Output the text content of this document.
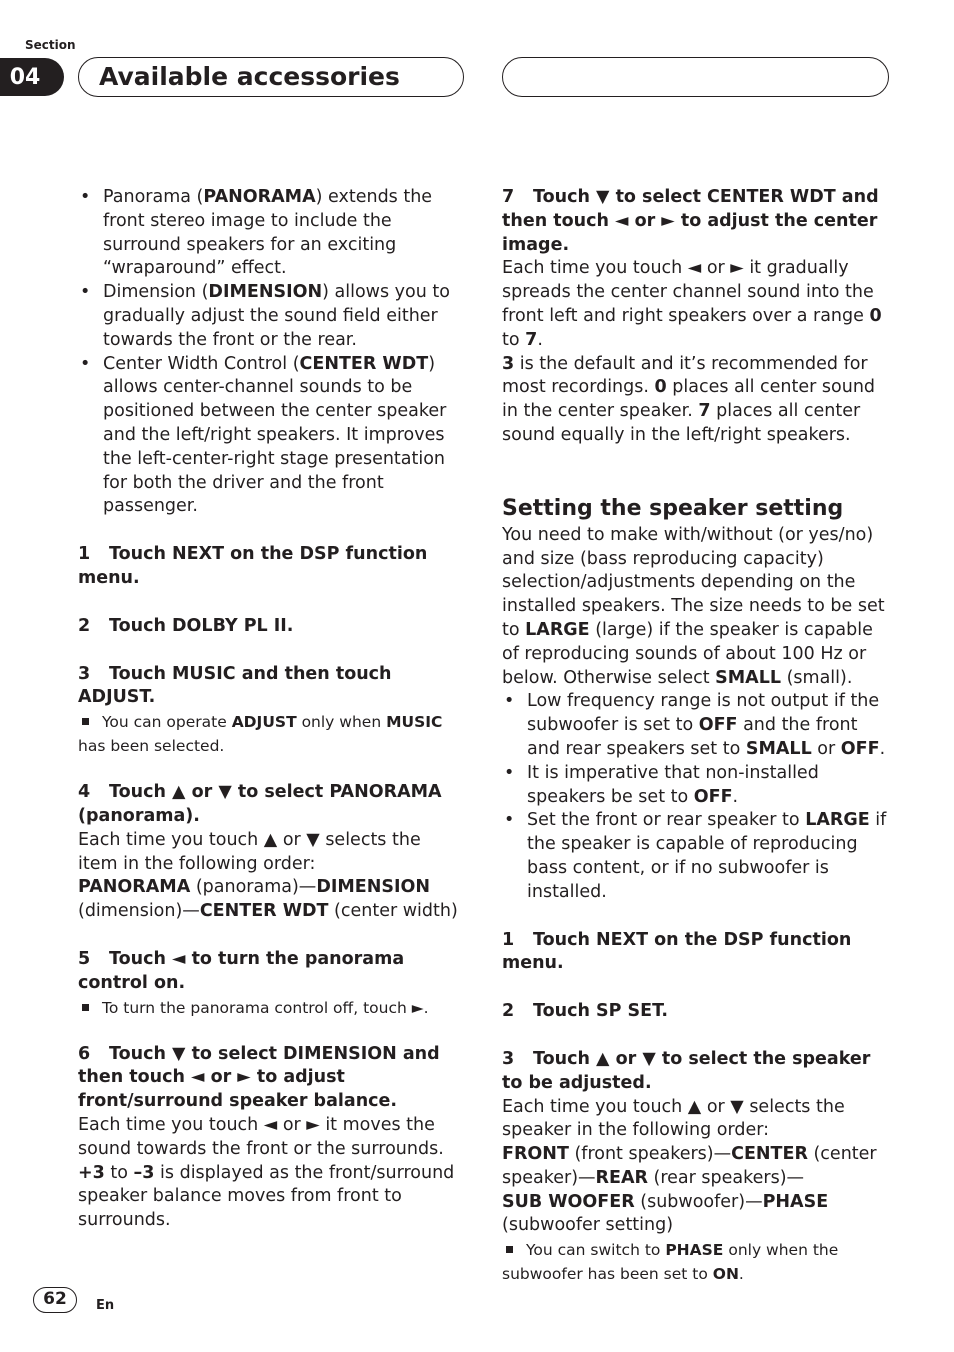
Section
04	Available accessories
• Panorama (PANORAMA) extends the front stereo image to include the surround speakers for an exciting “wraparound” effect.
• Dimension (DIMENSION) allows you to gradually adjust the sound field either towards the front or the rear.
• Center Width Control (CENTER WDT) allows center-channel sounds to be positioned between the center speaker and the left/right speakers. It improves the left-center-right stage presentation for both the driver and the front passenger.

1 Touch NEXT on the DSP function menu.

2 Touch DOLBY PL II.

3 Touch MUSIC and then touch ADJUST.

You can operate ADJUST only when MUSIC has been selected.

4 Touch ▲ or ▼ to select PANORAMA (panorama).

Each time you touch ▲ or ▼ selects the item in the following order:
PANORAMA (panorama)—DIMENSION (dimension)—CENTER WDT (center width)

5 Touch ◄ to turn the panorama control on.

To turn the panorama control off, touch ►.

6 Touch ▼ to select DIMENSION and then touch ◄ or ► to adjust front/surround speaker balance.

Each time you touch ◄ or ► it moves the sound towards the front or the surrounds.
+3 to –3 is displayed as the front/surround speaker balance moves from front to surrounds.

7 Touch ▼ to select CENTER WDT and then touch ◄ or ► to adjust the center image.

Each time you touch ◄ or ► it gradually spreads the center channel sound into the front left and right speakers over a range 0 to 7.

3 is the default and it’s recommended for most recordings. 0 places all center sound in the center speaker. 7 places all center sound equally in the left/right speakers.

Setting the speaker setting

You need to make with/without (or yes/no) and size (bass reproducing capacity) selection/adjustments depending on the installed speakers. The size needs to be set to LARGE (large) if the speaker is capable of reproducing sounds of about 100 Hz or below. Otherwise select SMALL (small).

• Low frequency range is not output if the subwoofer is set to OFF and the front and rear speakers set to SMALL or OFF.
• It is imperative that non-installed speakers be set to OFF.
• Set the front or rear speaker to LARGE if the speaker is capable of reproducing bass content, or if no subwoofer is installed.

1 Touch NEXT on the DSP function menu.

2 Touch SP SET.

3 Touch ▲ or ▼ to select the speaker to be adjusted.

Each time you touch ▲ or ▼ selects the speaker in the following order:
FRONT (front speakers)—CENTER (center speaker)—REAR (rear speakers)—
SUB WOOFER (subwoofer)—PHASE (subwoofer setting)

You can switch to PHASE only when the subwoofer has been set to ON.

62	En
